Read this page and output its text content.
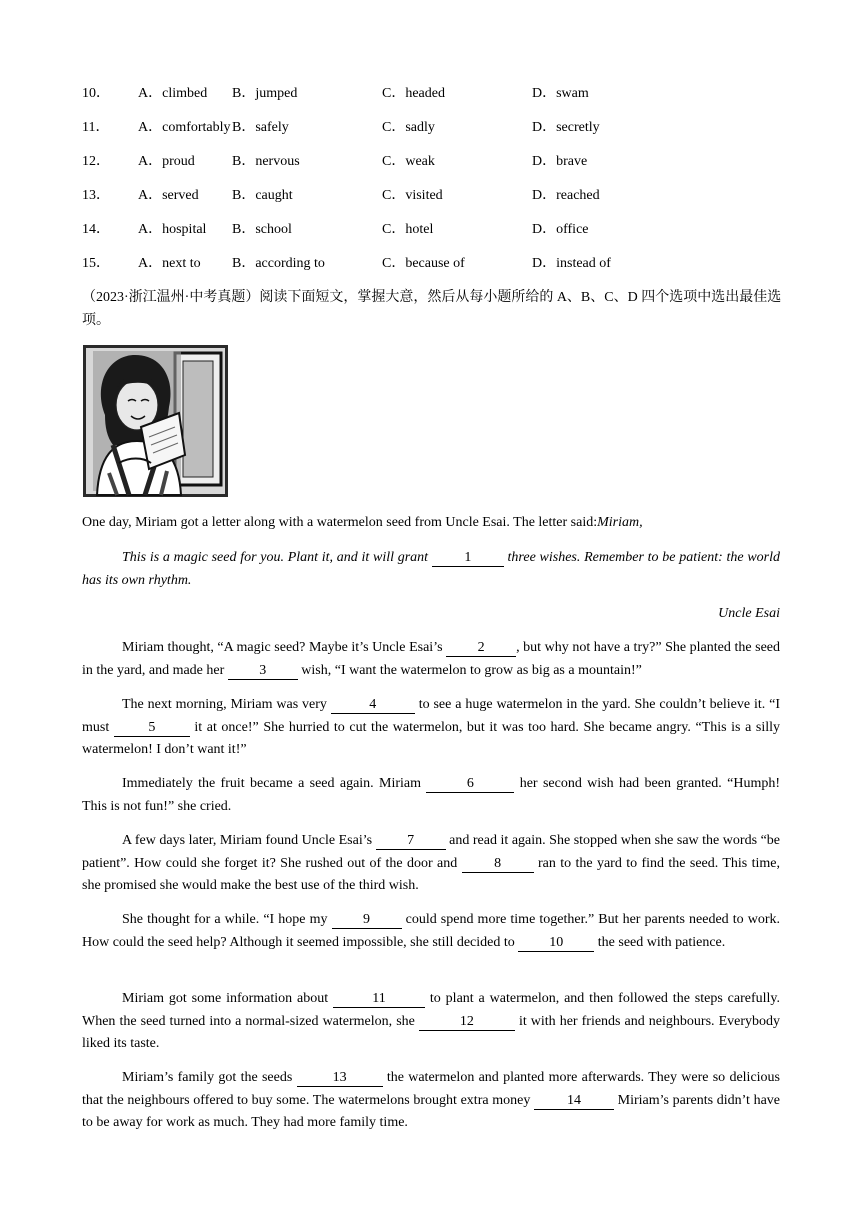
10． A．climbed B．jumped	C．headed	D．swam
11． A．comfortably B．safely	C．sadly	D．secretly
12． A．proud	B．nervous	C．weak	D．brave
13． A．served B．caught	C．visited	D．reached
14． A．hospital B．school	C．hotel	D．office
15． A．next to B．according to	C．because of	D．instead of
（2023·浙江温州·中考真题）阅读下面短文，掌握大意，然后从每小题所给的 A、B、C、D 四个选项中选出最佳选项。

One day, Miriam got a letter along with a watermelon seed from Uncle Esai. The letter said:Miriam,

This is a magic seed for you. Plant it, and it will grant 1 three wishes. Remember to be patient: the world has its own rhythm.

Uncle Esai

Miriam thought, “A magic seed? Maybe it’s Uncle Esai’s 2 , but why not have a try?” She planted the seed in the yard, and made her 3 wish, “I want the watermelon to grow as big as a mountain!”

The next morning, Miriam was very	4	to see a huge watermelon in the yard. She couldn’t believe it. “I must 5 it at once!” She hurried to cut the watermelon, but it was too hard. She became angry. “This is a silly watermelon! I don’t want it!”

Immediately the fruit became a seed again. Miriam	6	her second wish had been granted. “Humph! This is not fun!” she cried.

A few days later, Miriam found Uncle Esai’s 7 and read it again. She stopped when she saw the words “be patient”. How could she forget it? She rushed out of the door and 8 ran to the yard to find the seed. This time, she promised she would make the best use of the third wish.

She thought for a while. “I hope my 9 could spend more time together.” But her parents needed to work. How could the seed help? Although it seemed impossible, she still decided to 10 the seed with patience.

Miriam got some information about	11	to plant a watermelon, and then followed the steps carefully. When the seed turned into a normal-sized watermelon, she	12	it with her friends and neighbours. Everybody liked its taste.

Miriam’s family got the seeds	13	the watermelon and planted more afterwards. They were so delicious that the neighbours offered to buy some. The watermelons brought extra money 14 Miriam’s parents didn’t have to be away for work as much. They had more family time.
